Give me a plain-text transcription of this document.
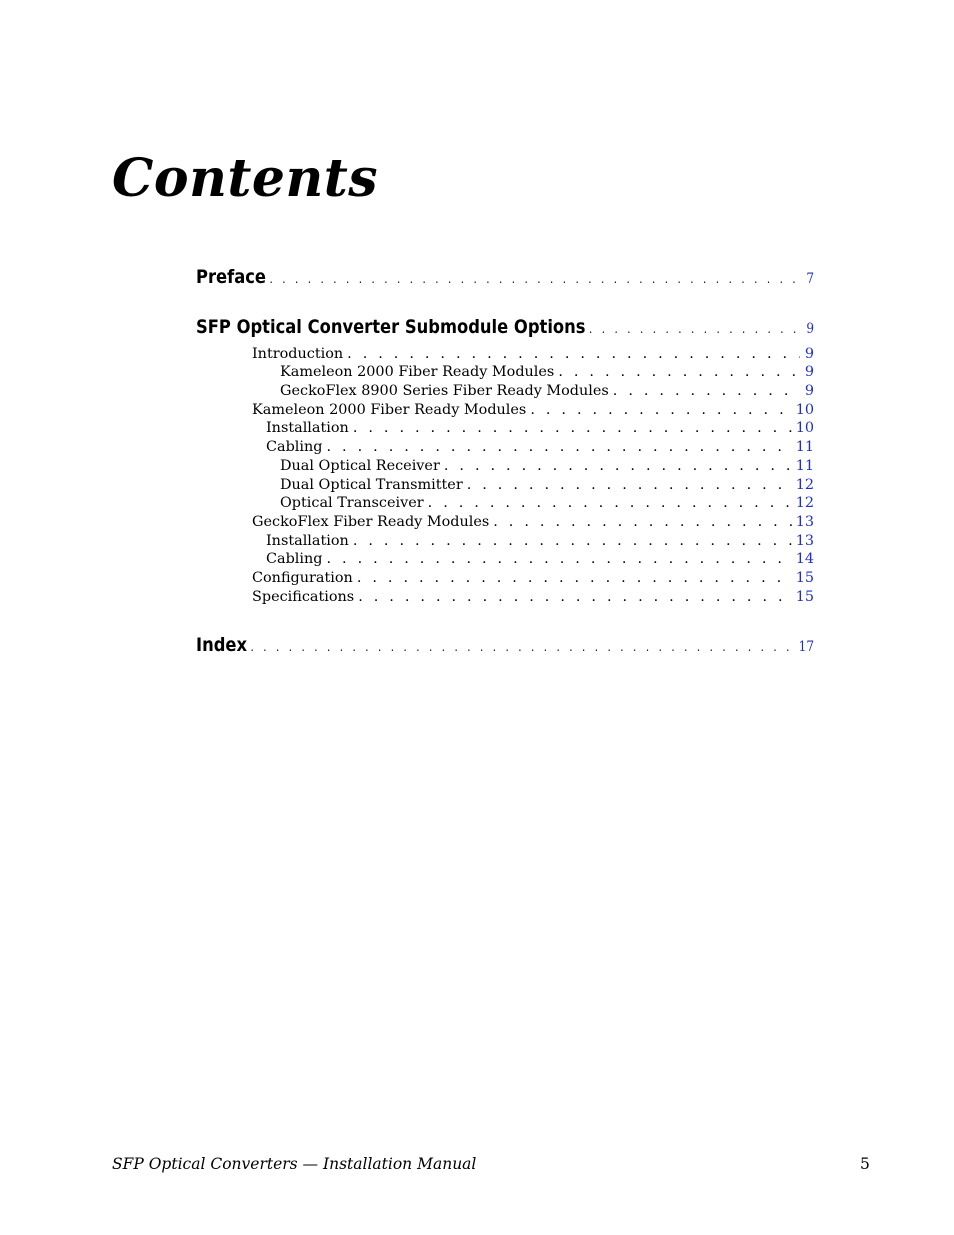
Contents
Preface . . .	7
SFP Optical Converter Submodule Options . . .	9
Introduction . . .	9
Kameleon 2000 Fiber Ready Modules . . .	9
GeckoFlex 8900 Series Fiber Ready Modules . . .	9
Kameleon 2000 Fiber Ready Modules . . .	10
Installation . . .	10
Cabling . . .	11
Dual Optical Receiver . . .	11
Dual Optical Transmitter . . .	12
Optical Transceiver . . .	12
GeckoFlex Fiber Ready Modules . . .	13
Installation . . .	13
Cabling . . .	14
Configuration . . .	15
Specifications . . .	15
Index . . .	17
SFP Optical Converters — Installation Manual	5
